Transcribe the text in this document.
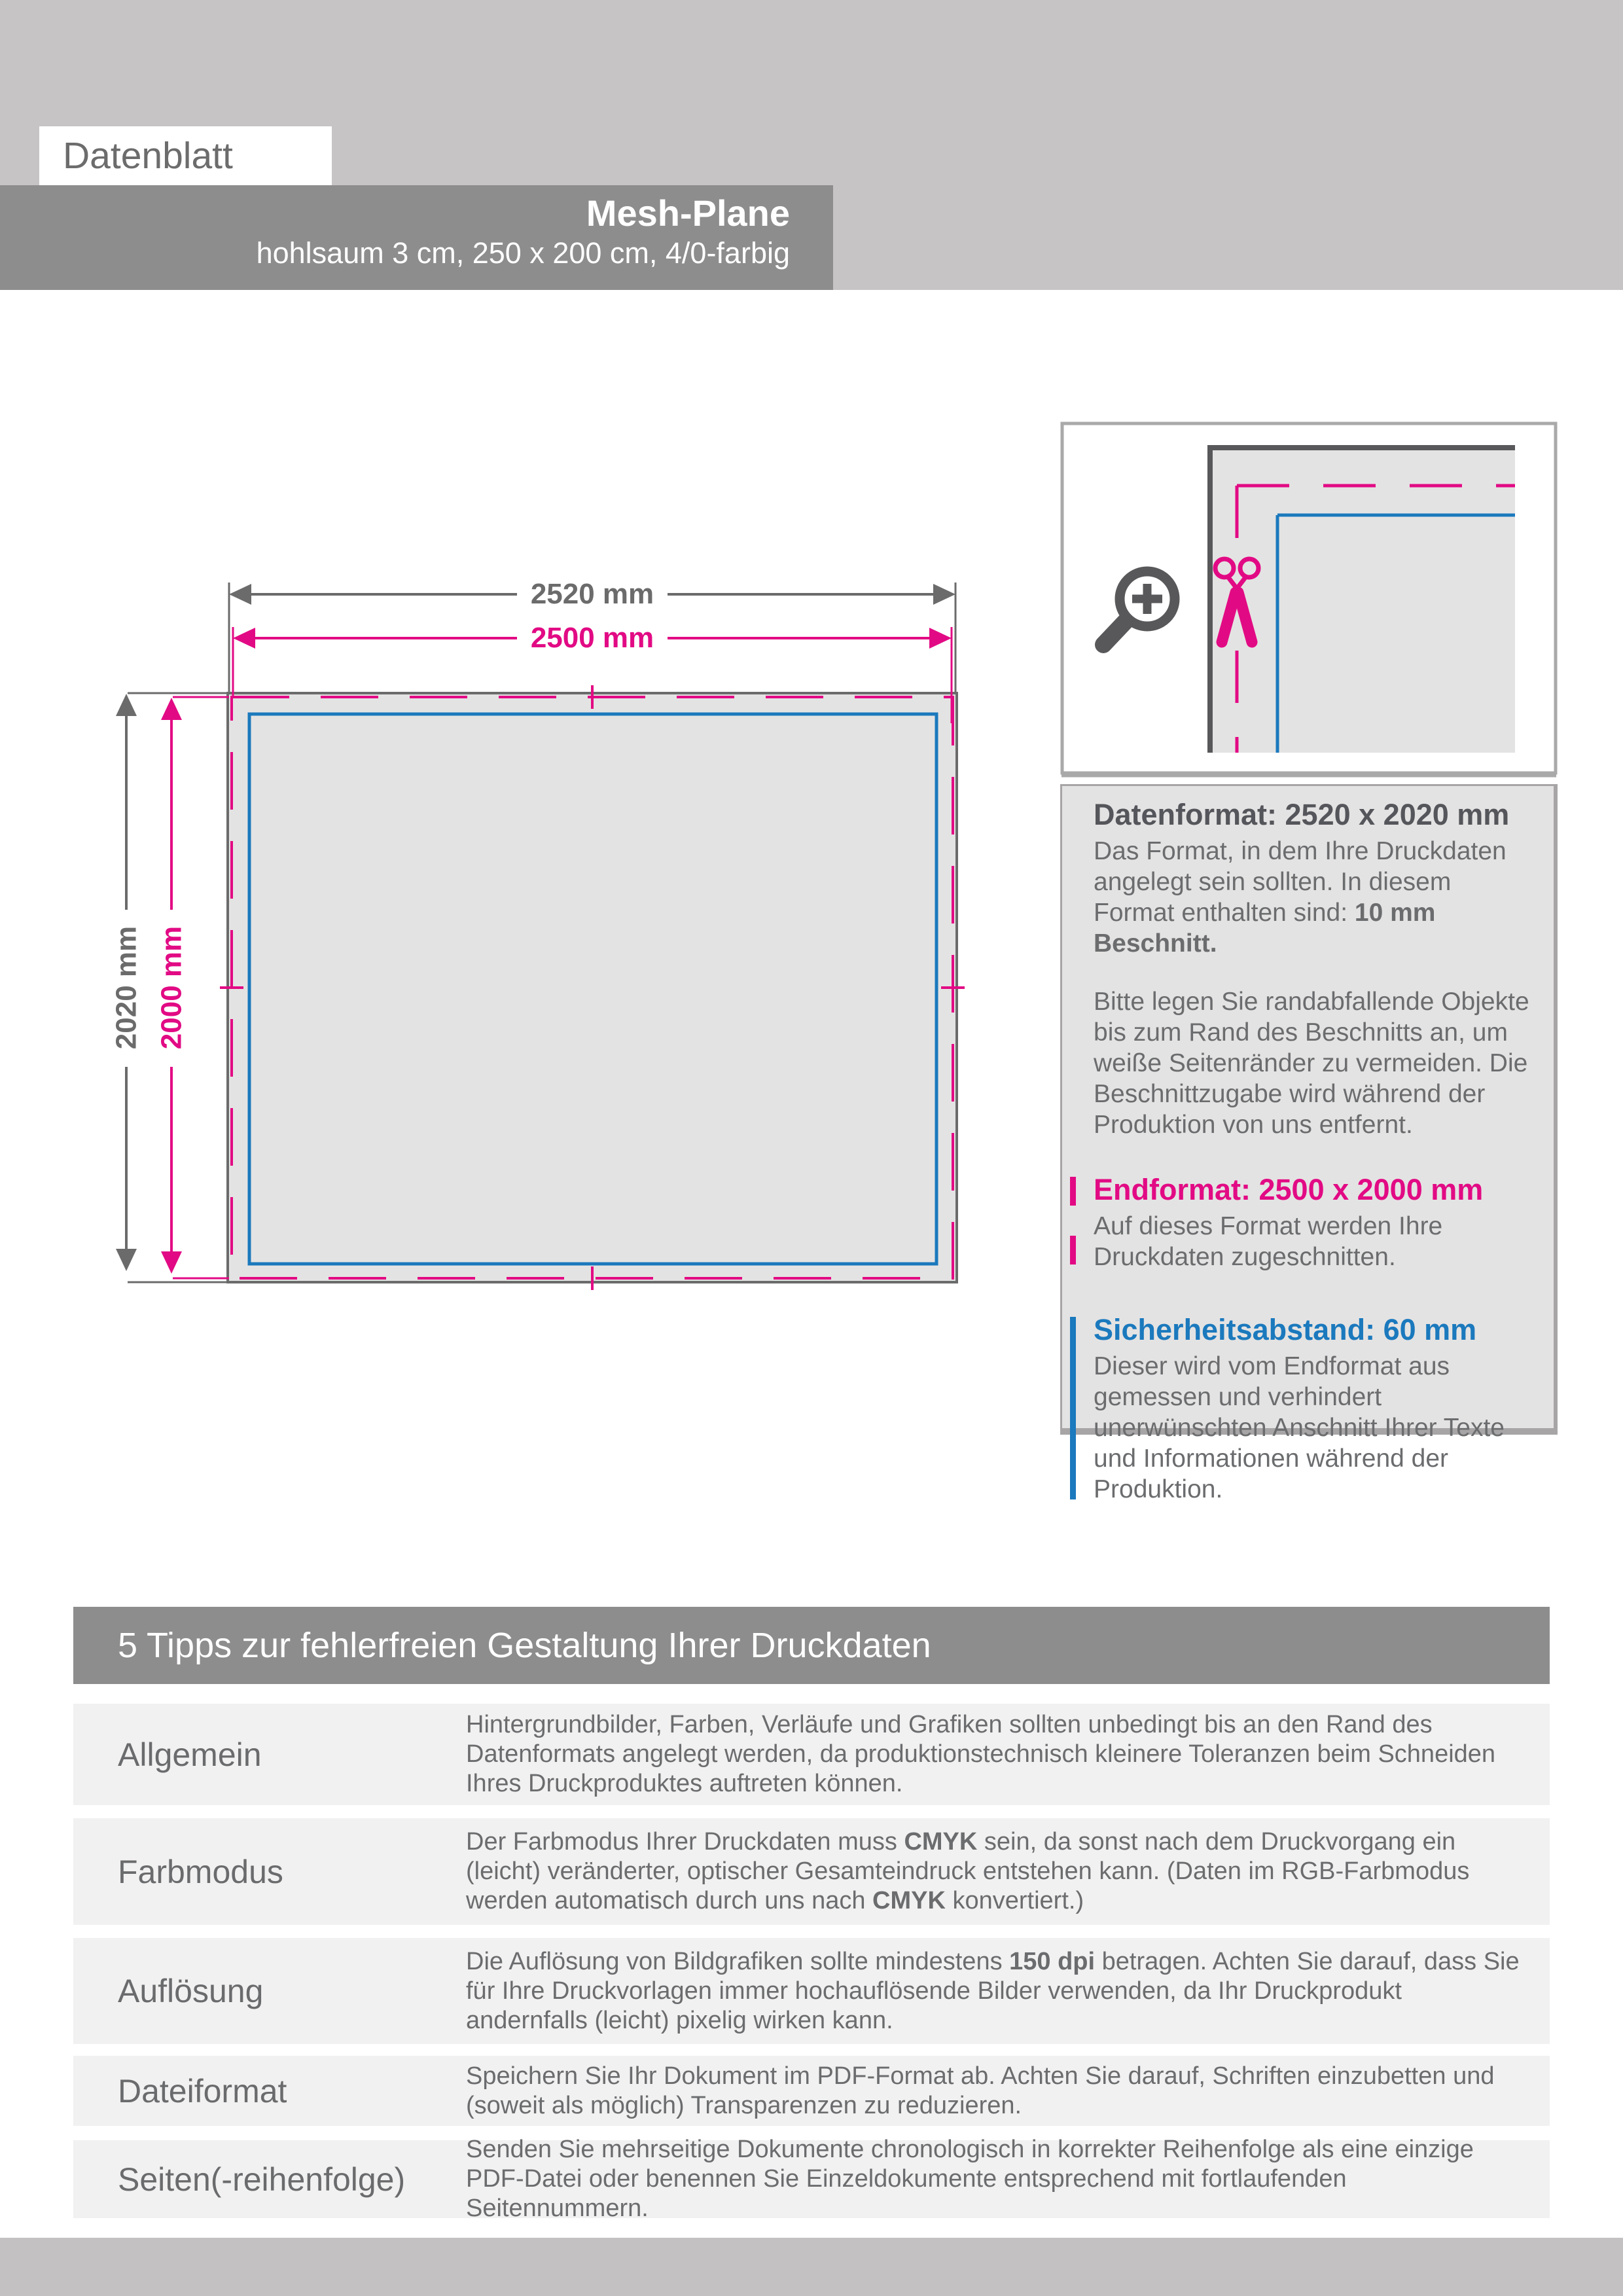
Datenblatt
Mesh-Plane
hohlsaum 3 cm, 250 x 200 cm, 4/0-farbig
2520 mm
2500 mm
2020 mm 2000 mm
Datenformat: 2520 x 2020 mm

Das Format, in dem Ihre Druckdaten angelegt sein sollten. In diesem Format enthalten sind: 10 mm Beschnitt.

Bitte legen Sie randabfallende Objekte bis zum Rand des Beschnitts an, um weiße Seitenränder zu vermeiden. Die Beschnittzugabe wird während der Produktion von uns entfernt.

Endformat: 2500 x 2000 mm

Auf dieses Format werden Ihre Druckdaten zugeschnitten.

Sicherheitsabstand: 60 mm

Dieser wird vom Endformat aus gemessen und verhindert unerwünschten Anschnitt Ihrer Texte und Informationen während der Produktion.

5 Tipps zur fehlerfreien Gestaltung Ihrer Druckdaten
Allgemein
Hintergrundbilder, Farben, Verläufe und Grafiken sollten unbedingt bis an den Rand des Datenformats angelegt werden, da produktionstechnisch kleinere Toleranzen beim Schneiden Ihres Druckproduktes auftreten können.
Farbmodus
Der Farbmodus Ihrer Druckdaten muss CMYK sein, da sonst nach dem Druckvorgang ein (leicht) veränderter, optischer Gesamteindruck entstehen kann. (Daten im RGB-Farbmodus werden automatisch durch uns nach CMYK konvertiert.)
Auflösung
Die Auflösung von Bildgrafiken sollte mindestens 150 dpi betragen. Achten Sie darauf, dass Sie für Ihre Druckvorlagen immer hochauflösende Bilder verwenden, da Ihr Druckprodukt andernfalls (leicht) pixelig wirken kann.
Dateiformat	Speichern Sie Ihr Dokument im PDF-Format ab. Achten Sie darauf, Schriften einzubetten und (soweit als möglich) Transparenzen zu reduzieren.
Seiten(-reihenfolge)
Senden Sie mehrseitige Dokumente chronologisch in korrekter Reihenfolge als eine einzige PDF-Datei oder benennen Sie Einzeldokumente entsprechend mit fortlaufenden Seitennummern.
